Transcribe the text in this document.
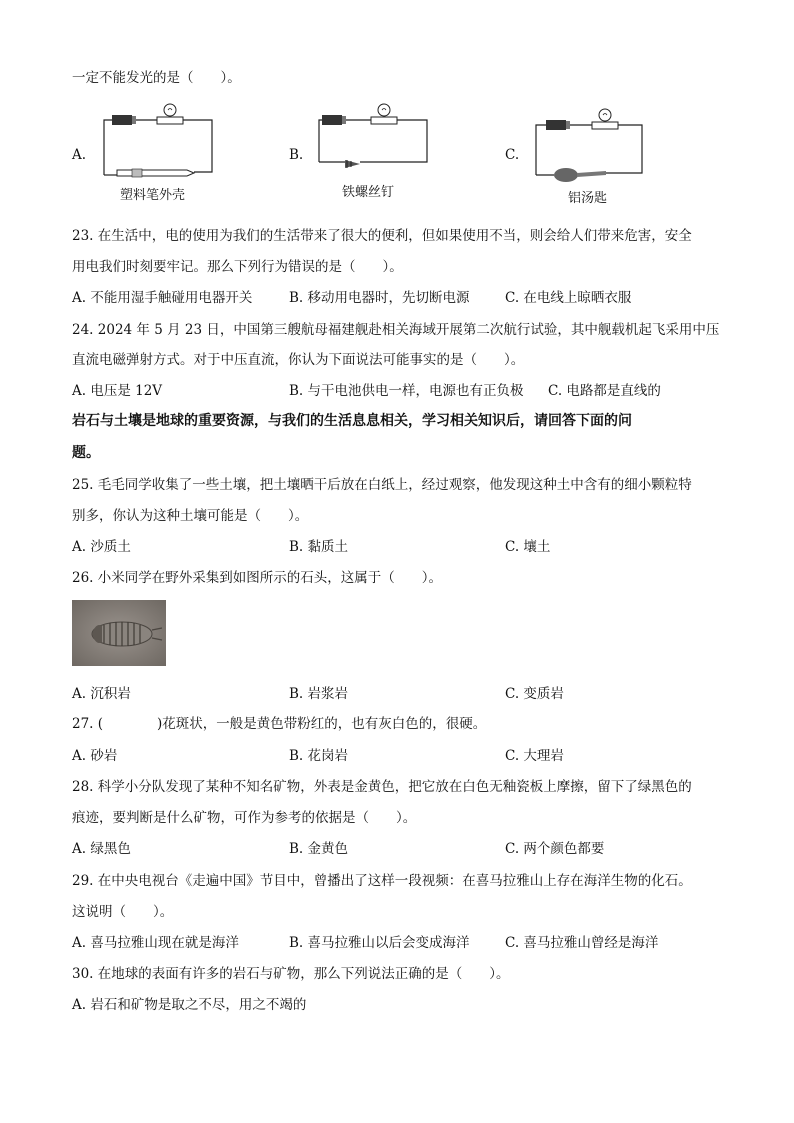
一定不能发光的是（　　）。
A.
塑料笔外壳
B.
铁螺丝钉
C.
铝汤匙
23. 在生活中，电的使用为我们的生活带来了很大的便利，但如果使用不当，则会给人们带来危害，安全
用电我们时刻要牢记。那么下列行为错误的是（　　）。
A. 不能用湿手触碰用电器开关	B. 移动用电器时，先切断电源	C. 在电线上晾晒衣服
24. 2024 年 5 月 23 日，中国第三艘航母福建舰赴相关海域开展第二次航行试验，其中舰载机起飞采用中压
直流电磁弹射方式。对于中压直流，你认为下面说法可能事实的是（　　）。
A. 电压是 12V	B. 与干电池供电一样，电源也有正负极 C. 电路都是直线的
岩石与土壤是地球的重要资源，与我们的生活息息相关，学习相关知识后，请回答下面的问
题。
25. 毛毛同学收集了一些土壤，把土壤晒干后放在白纸上，经过观察，他发现这种土中含有的细小颗粒特
别多，你认为这种土壤可能是（　　）。
A. 沙质土	B. 黏质土	C. 壤土
26. 小米同学在野外采集到如图所示的石头，这属于（　　）。
A. 沉积岩	B. 岩浆岩	C. 变质岩
27. (　　　　)花斑状，一般是黄色带粉红的，也有灰白色的，很硬。
A. 砂岩	B. 花岗岩	C. 大理岩
28. 科学小分队发现了某种不知名矿物，外表是金黄色，把它放在白色无釉瓷板上摩擦，留下了绿黑色的
痕迹，要判断是什么矿物，可作为参考的依据是（　　）。
A. 绿黑色	B. 金黄色	C. 两个颜色都要
29. 在中央电视台《走遍中国》节目中，曾播出了这样一段视频：在喜马拉雅山上存在海洋生物的化石。
这说明（　　）。
A. 喜马拉雅山现在就是海洋	B. 喜马拉雅山以后会变成海洋	C. 喜马拉雅山曾经是海洋
30. 在地球的表面有许多的岩石与矿物，那么下列说法正确的是（　　）。
A. 岩石和矿物是取之不尽，用之不竭的
